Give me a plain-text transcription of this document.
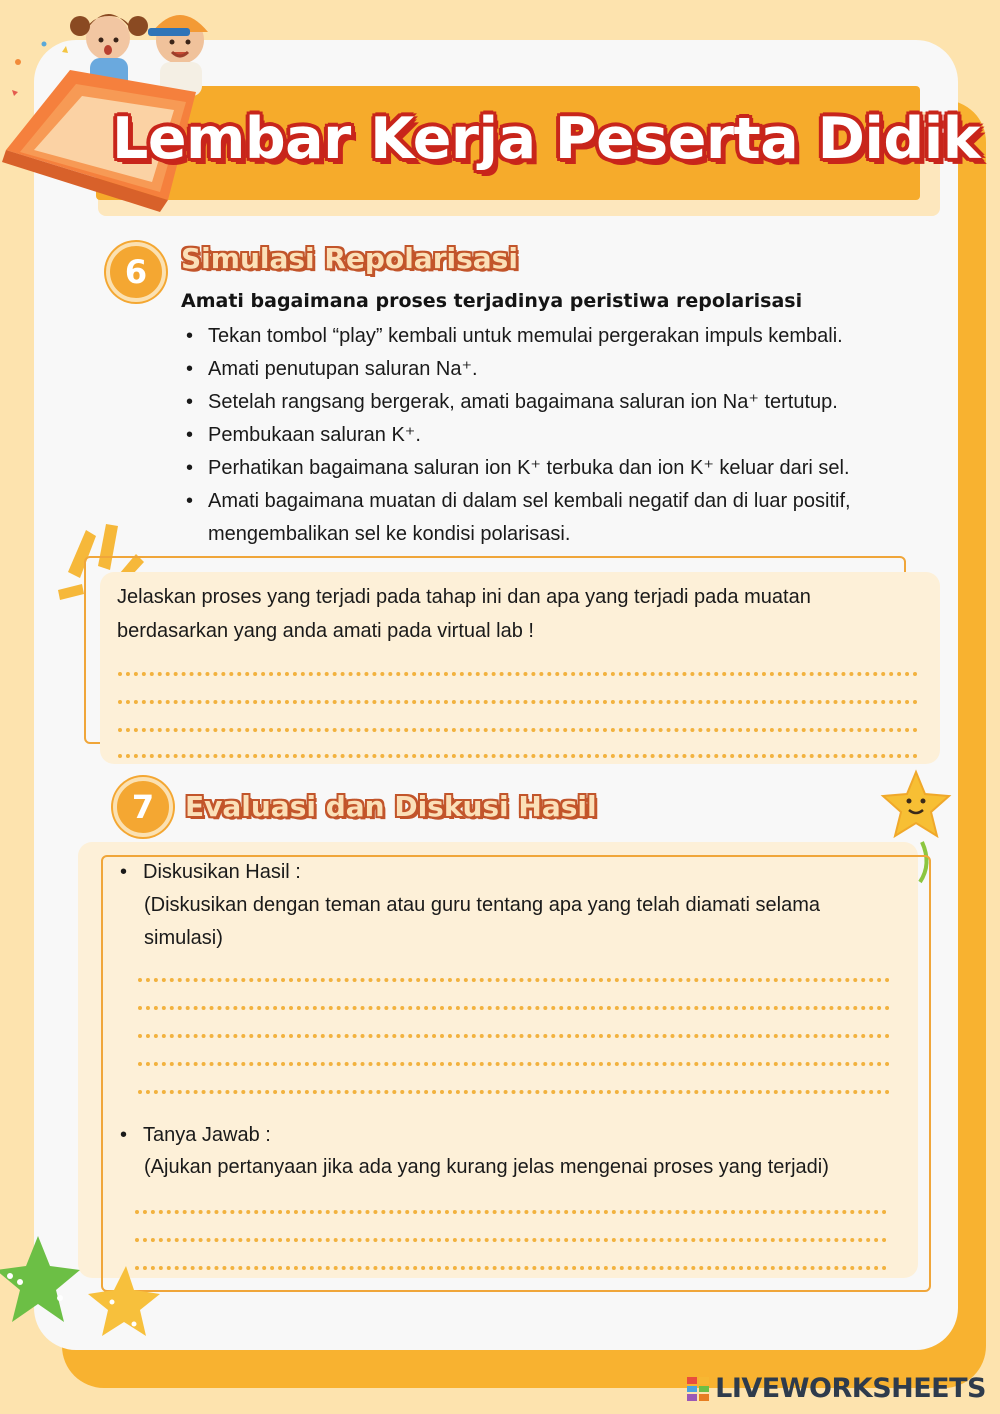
Lembar Kerja Peserta Didik
6	Simulasi Repolarisasi
Amati bagaimana proses terjadinya peristiwa repolarisasi
• Tekan tombol “play” kembali untuk memulai pergerakan impuls kembali.
• Amati penutupan saluran Na⁺.
• Setelah rangsang bergerak, amati bagaimana saluran ion Na⁺ tertutup.
• Pembukaan saluran K⁺.
• Perhatikan bagaimana saluran ion K⁺ terbuka dan ion K⁺ keluar dari sel.
• Amati bagaimana muatan di dalam sel kembali negatif dan di luar positif, mengembalikan sel ke kondisi polarisasi.
Jelaskan proses yang terjadi pada tahap ini dan apa yang terjadi pada muatan berdasarkan yang anda amati pada virtual lab !
7	Evaluasi dan Diskusi Hasil
• Diskusikan Hasil :
(Diskusikan dengan teman atau guru tentang apa yang telah diamati selama simulasi)
• Tanya Jawab :
(Ajukan pertanyaan jika ada yang kurang jelas mengenai proses yang terjadi)
LIVEWORKSHEETS
